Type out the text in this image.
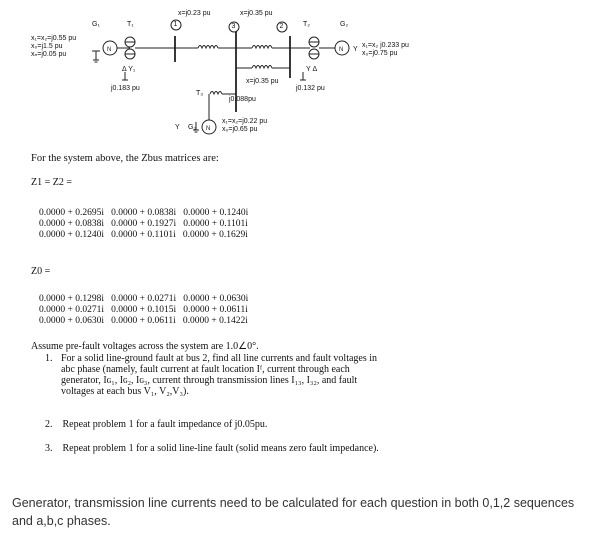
N	N
N
x₁=x₂=j0.55 pu
x₀=j1.5 pu
xₙ=j0.05 pu
G₁	T₁
Δ Y₁
j0.183 pu
x=j0.23 pu	x=j0.35 pu
x=j0.35 pu
1	3	2	T₂
Y Δ
j0.132 pu
G₂
Y
x₁=x₂ j0.233 pu
x₀=j0.75 pu
T₃
j0.088pu
Y G₃
x₁=x₂=j0.22 pu
x₀=j0.65 pu
For the system above, the Zbus matrices are:
Z1 = Z2 =
0.0000 + 0.2695i   0.0000 + 0.0838i   0.0000 + 0.1240i
0.0000 + 0.0838i   0.0000 + 0.1927i   0.0000 + 0.1101i
0.0000 + 0.1240i   0.0000 + 0.1101i   0.0000 + 0.1629i
Z0 =
0.0000 + 0.1298i   0.0000 + 0.0271i   0.0000 + 0.0630i
0.0000 + 0.0271i   0.0000 + 0.1015i   0.0000 + 0.0611i
0.0000 + 0.0630i   0.0000 + 0.0611i   0.0000 + 0.1422i
Assume pre-fault voltages across the system are 1.0∠0°.
1. For a solid line-ground fault at bus 2, find all line currents and fault voltages in
abc phase (namely, fault current at fault location Iᶠ, current through each
generator, Iɢ₁, Iɢ₂, Iɢ₃, current through transmission lines I₁₃, I₃₂, and fault
voltages at each bus V₁, V₂,V₃).
2. Repeat problem 1 for a fault impedance of j0.05pu.
3. Repeat problem 1 for a solid line-line fault (solid means zero fault impedance).
Generator, transmission line currents need to be calculated for each question in both 0,1,2 sequences
and a,b,c phases.
